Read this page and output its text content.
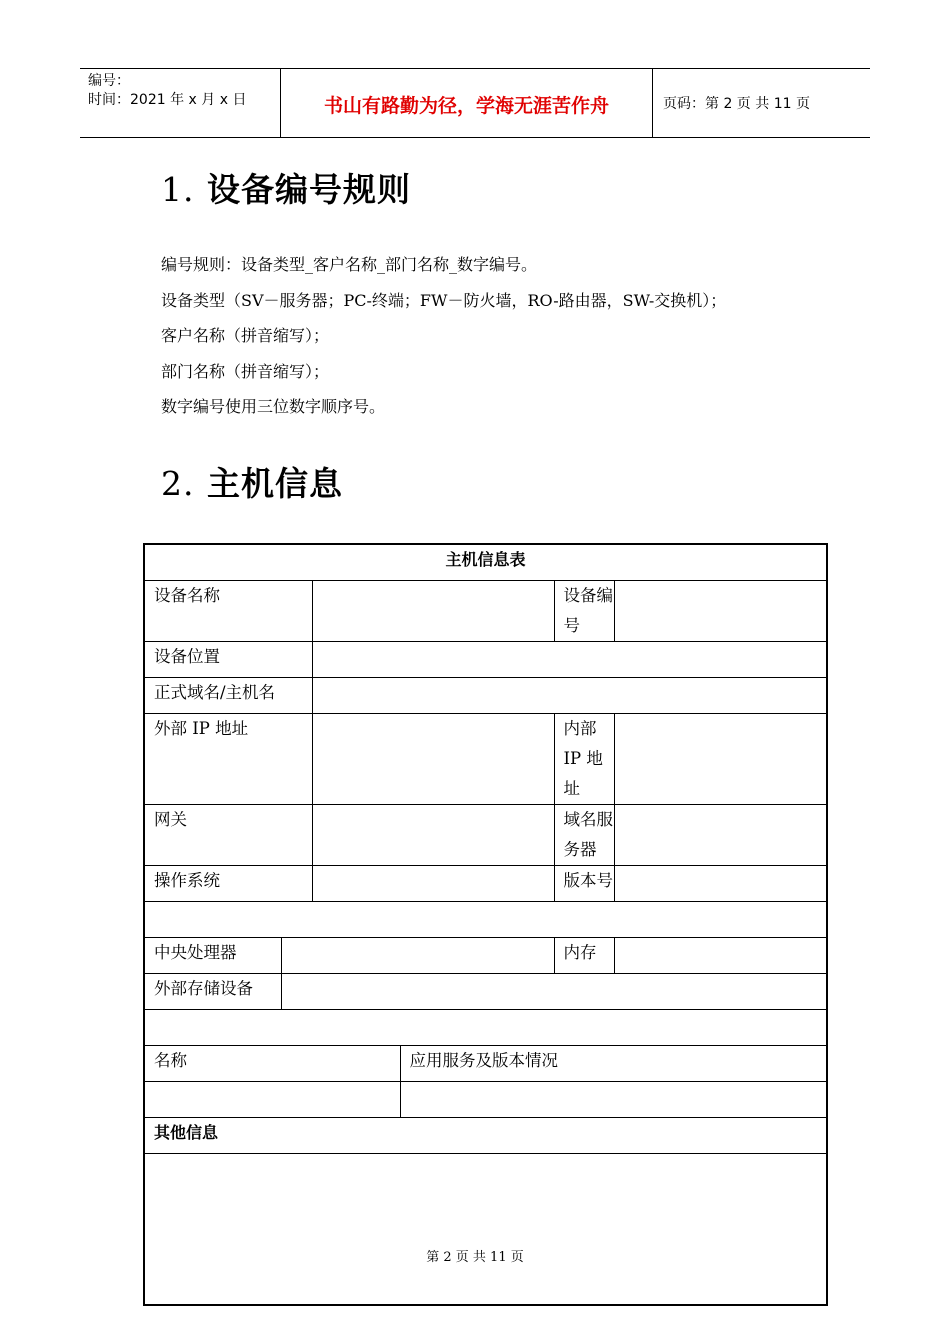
编号：
时间：2021 年 x 月 x 日	书山有路勤为径，学海无涯苦作舟	页码：第 2 页 共 11 页
1. 设备编号规则
编号规则：设备类型_客户名称_部门名称_数字编号。
设备类型（SV－服务器；PC-终端；FW－防火墙，RO-路由器，SW-交换机）；
客户名称（拼音缩写）；
部门名称（拼音缩写）；
数字编号使用三位数字顺序号。
2. 主机信息
主机信息表					
设备名称				设备编号	
设备位置					
正式域名/主机名					
外部 IP 地址				内部 IP 地址	
网关				域名服务器	
操作系统				版本号	

中央处理器				内存	
外部存储设备					

名称			应用服务及版本情况		

其他信息					

第 2 页 共 11 页
